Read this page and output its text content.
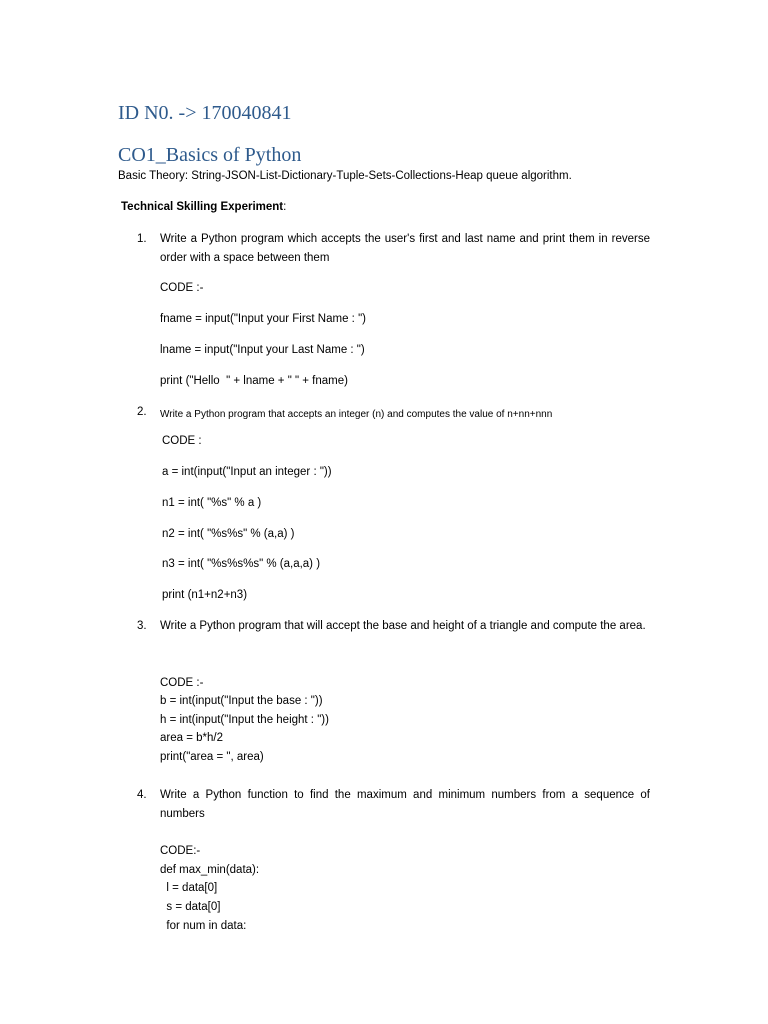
ID N0. -> 170040841
CO1_Basics of Python
Basic Theory: String-JSON-List-Dictionary-Tuple-Sets-Collections-Heap queue algorithm.
Technical Skilling Experiment:
1.	Write a Python program which accepts the user's first and last name and print them in reverse order with a space between them
CODE :-
fname = input("Input your First Name : ")
lname = input("Input your Last Name : ")
print ("Hello  " + lname + " " + fname)
2.	Write a Python program that accepts an integer (n) and computes the value of n+nn+nnn
CODE :
a = int(input("Input an integer : "))
n1 = int( "%s" % a )
n2 = int( "%s%s" % (a,a) )
n3 = int( "%s%s%s" % (a,a,a) )
print (n1+n2+n3)
3.	Write a Python program that will accept the base and height of a triangle and compute the area.
CODE :-
b = int(input("Input the base : "))
h = int(input("Input the height : "))
area = b*h/2
print("area = ", area)
4.	Write a Python function to find the maximum and minimum numbers from a sequence of numbers
CODE:-
def max_min(data):
l = data[0]
s = data[0]
for num in data:
